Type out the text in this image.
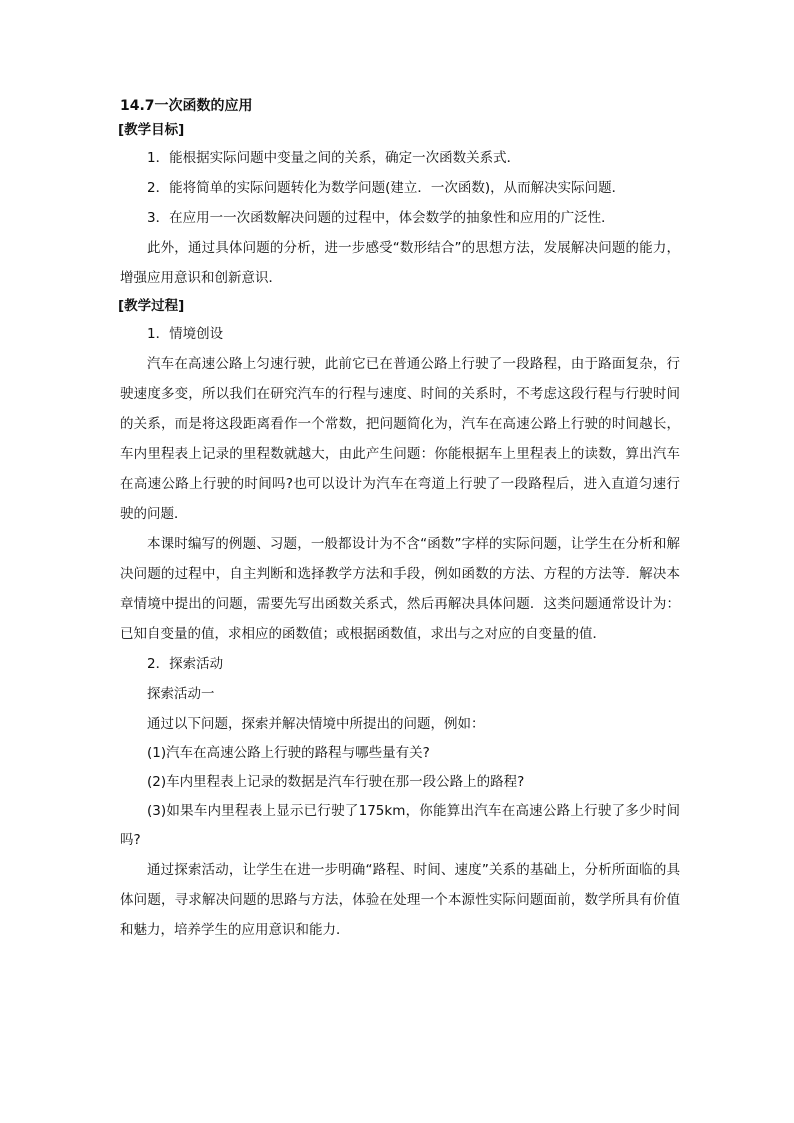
14.7一次函数的应用

[教学目标]

1．能根据实际问题中变量之间的关系，确定一次函数关系式．

2．能将简单的实际问题转化为数学问题(建立．一次函数)，从而解决实际问题．

3．在应用一一次函数解决问题的过程中，体会数学的抽象性和应用的广泛性．

此外，通过具体问题的分析，进一步感受“数形结合”的思想方法，发展解决问题的能力，增强应用意识和创新意识．

[教学过程]

1．情境创设

汽车在高速公路上匀速行驶，此前它已在普通公路上行驶了一段路程，由于路面复杂，行驶速度多变，所以我们在研究汽车的行程与速度、时间的关系时，不考虑这段行程与行驶时间的关系，而是将这段距离看作一个常数，把问题简化为，汽车在高速公路上行驶的时间越长，车内里程表上记录的里程数就越大，由此产生问题：你能根据车上里程表上的读数，算出汽车在高速公路上行驶的时间吗?也可以设计为汽车在弯道上行驶了一段路程后，进入直道匀速行驶的问题．

本课时编写的例题、习题，一般都设计为不含“函数”字样的实际问题，让学生在分析和解决问题的过程中，自主判断和选择教学方法和手段，例如函数的方法、方程的方法等．解决本章情境中提出的问题，需要先写出函数关系式，然后再解决具体问题．这类问题通常设计为：已知自变量的值，求相应的函数值；或根据函数值，求出与之对应的自变量的值．

2．探索活动

探索活动一

通过以下问题，探索并解决情境中所提出的问题，例如：

(1)汽车在高速公路上行驶的路程与哪些量有关?

(2)车内里程表上记录的数据是汽车行驶在那一段公路上的路程?

(3)如果车内里程表上显示已行驶了175km，你能算出汽车在高速公路上行驶了多少时间吗?

通过探索活动，让学生在进一步明确“路程、时间、速度”关系的基础上，分析所面临的具体问题，寻求解决问题的思路与方法，体验在处理一个本源性实际问题面前，数学所具有价值和魅力，培养学生的应用意识和能力．
